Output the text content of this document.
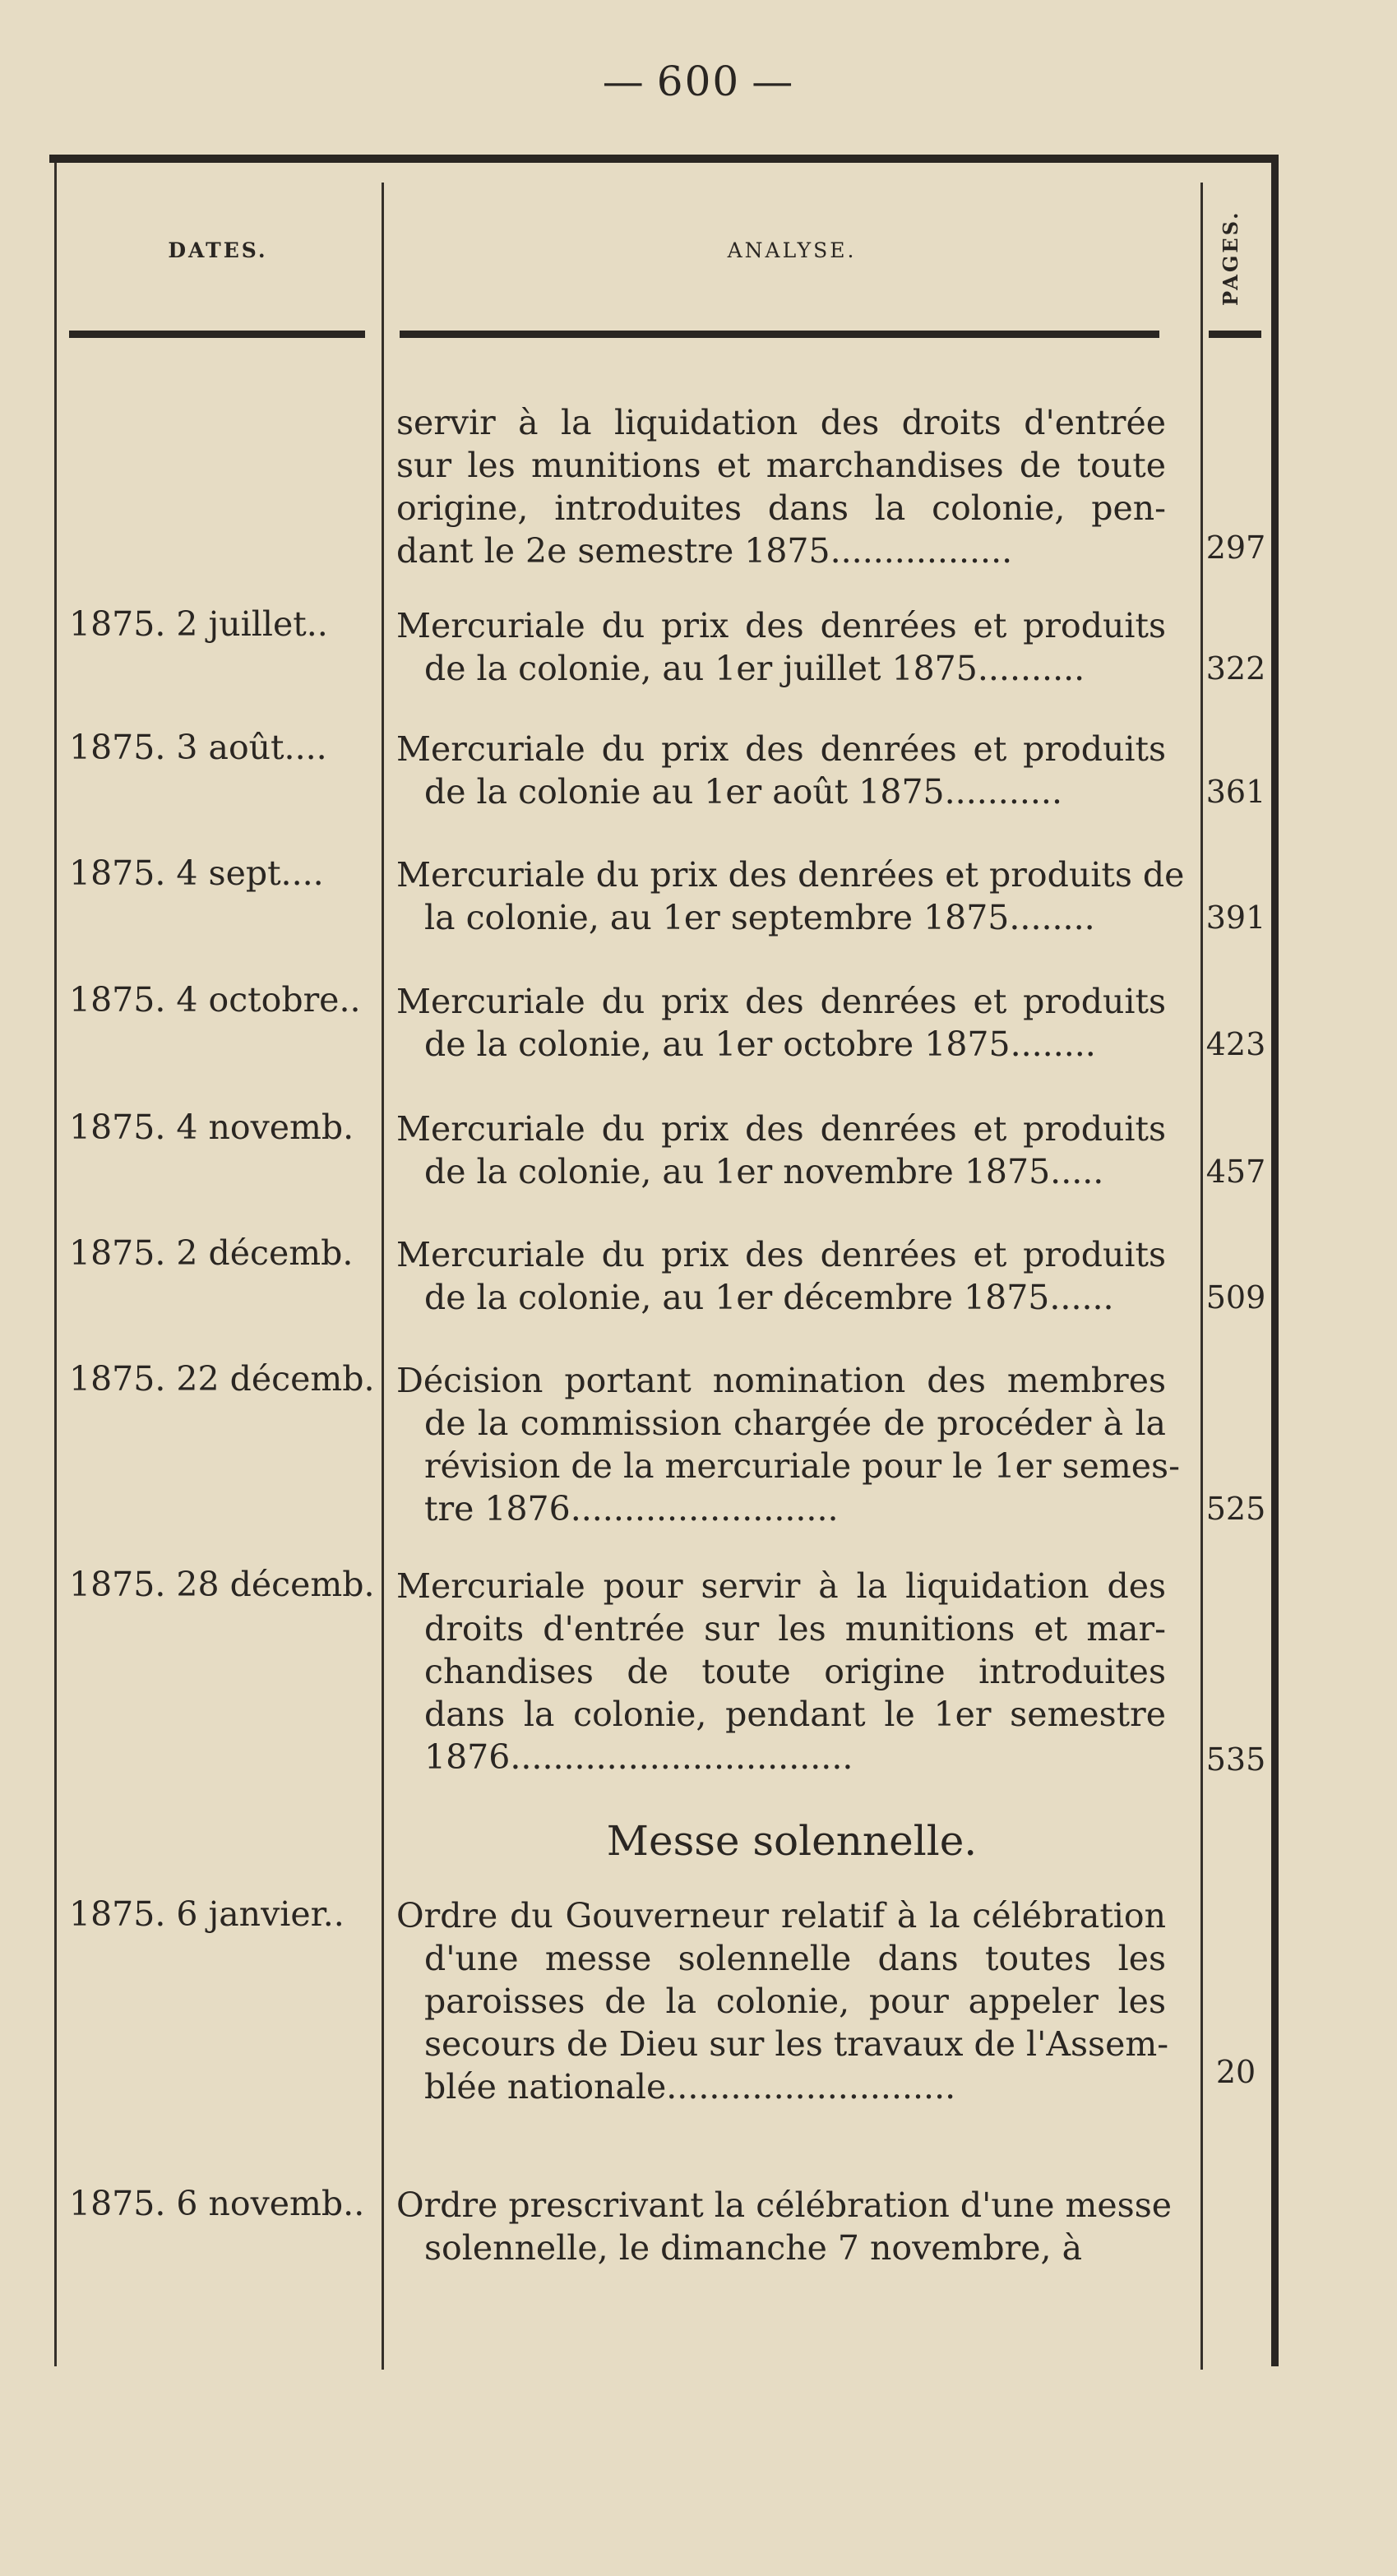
— 600 —
DATES.	ANALYSE.	PAGES.
servir à la liquidation des droits d'entrée
sur les munitions et marchandises de toute
origine, introduites dans la colonie, pen-
dant le 2e semestre 1875.................	297
1875. 2 juillet..	Mercuriale du prix des denrées et produits
de la colonie, au 1er juillet 1875..........	322
1875. 3 août....	Mercuriale du prix des denrées et produits
de la colonie au 1er août 1875...........	361
1875. 4 sept....	Mercuriale du prix des denrées et produits de
la colonie, au 1er septembre 1875........	391
1875. 4 octobre..	Mercuriale du prix des denrées et produits
de la colonie, au 1er octobre 1875........	423
1875. 4 novemb.	Mercuriale du prix des denrées et produits
de la colonie, au 1er novembre 1875.....	457
1875. 2 décemb.	Mercuriale du prix des denrées et produits
de la colonie, au 1er décembre 1875......	509
1875. 22 décemb. Décision portant nomination des membres
de la commission chargée de procéder à la
révision de la mercuriale pour le 1er semes-
tre 1876.........................	525
1875. 28 décemb. Mercuriale pour servir à la liquidation des
droits d'entrée sur les munitions et mar-
chandises de toute origine introduites
dans la colonie, pendant le 1er semestre
1876................................	535
Messe solennelle.
1875. 6 janvier..	Ordre du Gouverneur relatif à la célébration
d'une messe solennelle dans toutes les
paroisses de la colonie, pour appeler les
secours de Dieu sur les travaux de l'Assem-
blée nationale...........................	20
1875. 6 novemb.. Ordre prescrivant la célébration d'une messe
solennelle, le dimanche 7 novembre, à
